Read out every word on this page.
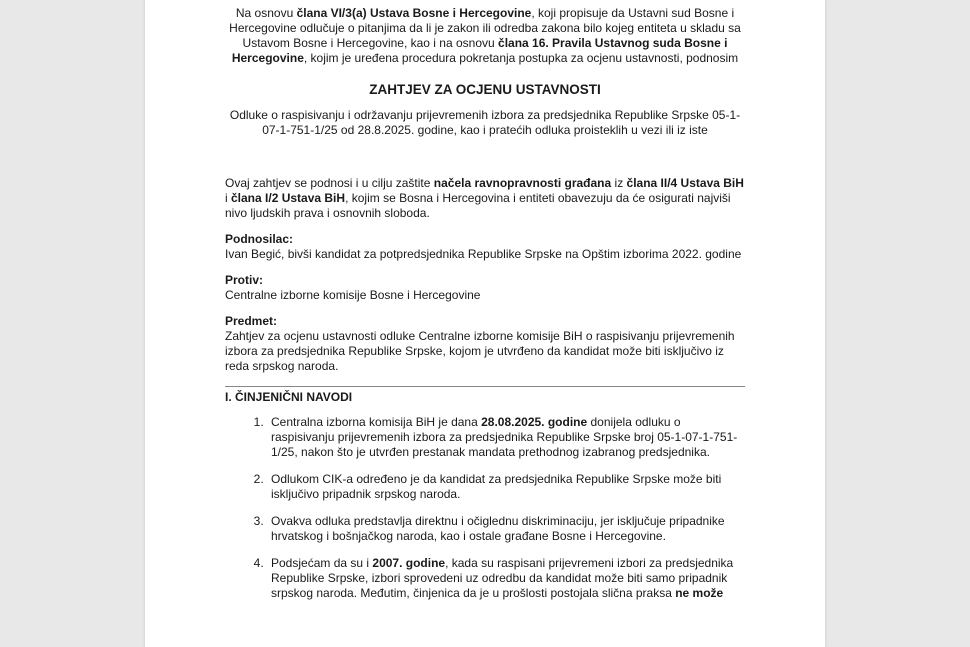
Na osnovu člana VI/3(a) Ustava Bosne i Hercegovine, koji propisuje da Ustavni sud Bosne i Hercegovine odlučuje o pitanjima da li je zakon ili odredba zakona bilo kojeg entiteta u skladu sa Ustavom Bosne i Hercegovine, kao i na osnovu člana 16. Pravila Ustavnog suda Bosne i Hercegovine, kojim je uređena procedura pokretanja postupka za ocjenu ustavnosti, podnosim

ZAHTJEV ZA OCJENU USTAVNOSTI

Odluke o raspisivanju i održavanju prijevremenih izbora za predsjednika Republike Srpske 05-1-07-1-751-1/25 od 28.8.2025. godine, kao i pratećih odluka proisteklih u vezi ili iz iste

Ovaj zahtjev se podnosi i u cilju zaštite načela ravnopravnosti građana iz člana II/4 Ustava BiH i člana I/2 Ustava BiH, kojim se Bosna i Hercegovina i entiteti obavezuju da će osigurati najviši nivo ljudskih prava i osnovnih sloboda.

Podnosilac:

Ivan Begić, bivši kandidat za potpredsjednika Republike Srpske na Opštim izborima 2022. godine

Protiv:

Centralne izborne komisije Bosne i Hercegovine

Predmet:

Zahtjev za ocjenu ustavnosti odluke Centralne izborne komisije BiH o raspisivanju prijevremenih izbora za predsjednika Republike Srpske, kojom je utvrđeno da kandidat može biti isključivo iz reda srpskog naroda.

I. ČINJENIČNI NAVODI

1. Centralna izborna komisija BiH je dana 28.08.2025. godine donijela odluku o raspisivanju prijevremenih izbora za predsjednika Republike Srpske broj 05-1-07-1-751-1/25, nakon što je utvrđen prestanak mandata prethodnog izabranog predsjednika.
2. Odlukom CIK-a određeno je da kandidat za predsjednika Republike Srpske može biti isključivo pripadnik srpskog naroda.
3. Ovakva odluka predstavlja direktnu i očiglednu diskriminaciju, jer isključuje pripadnike hrvatskog i bošnjačkog naroda, kao i ostale građane Bosne i Hercegovine.
4. Podsjećam da su i 2007. godine, kada su raspisani prijevremeni izbori za predsjednika Republike Srpske, izbori sprovedeni uz odredbu da kandidat može biti samo pripadnik srpskog naroda. Međutim, činjenica da je u prošlosti postojala slična praksa ne može
